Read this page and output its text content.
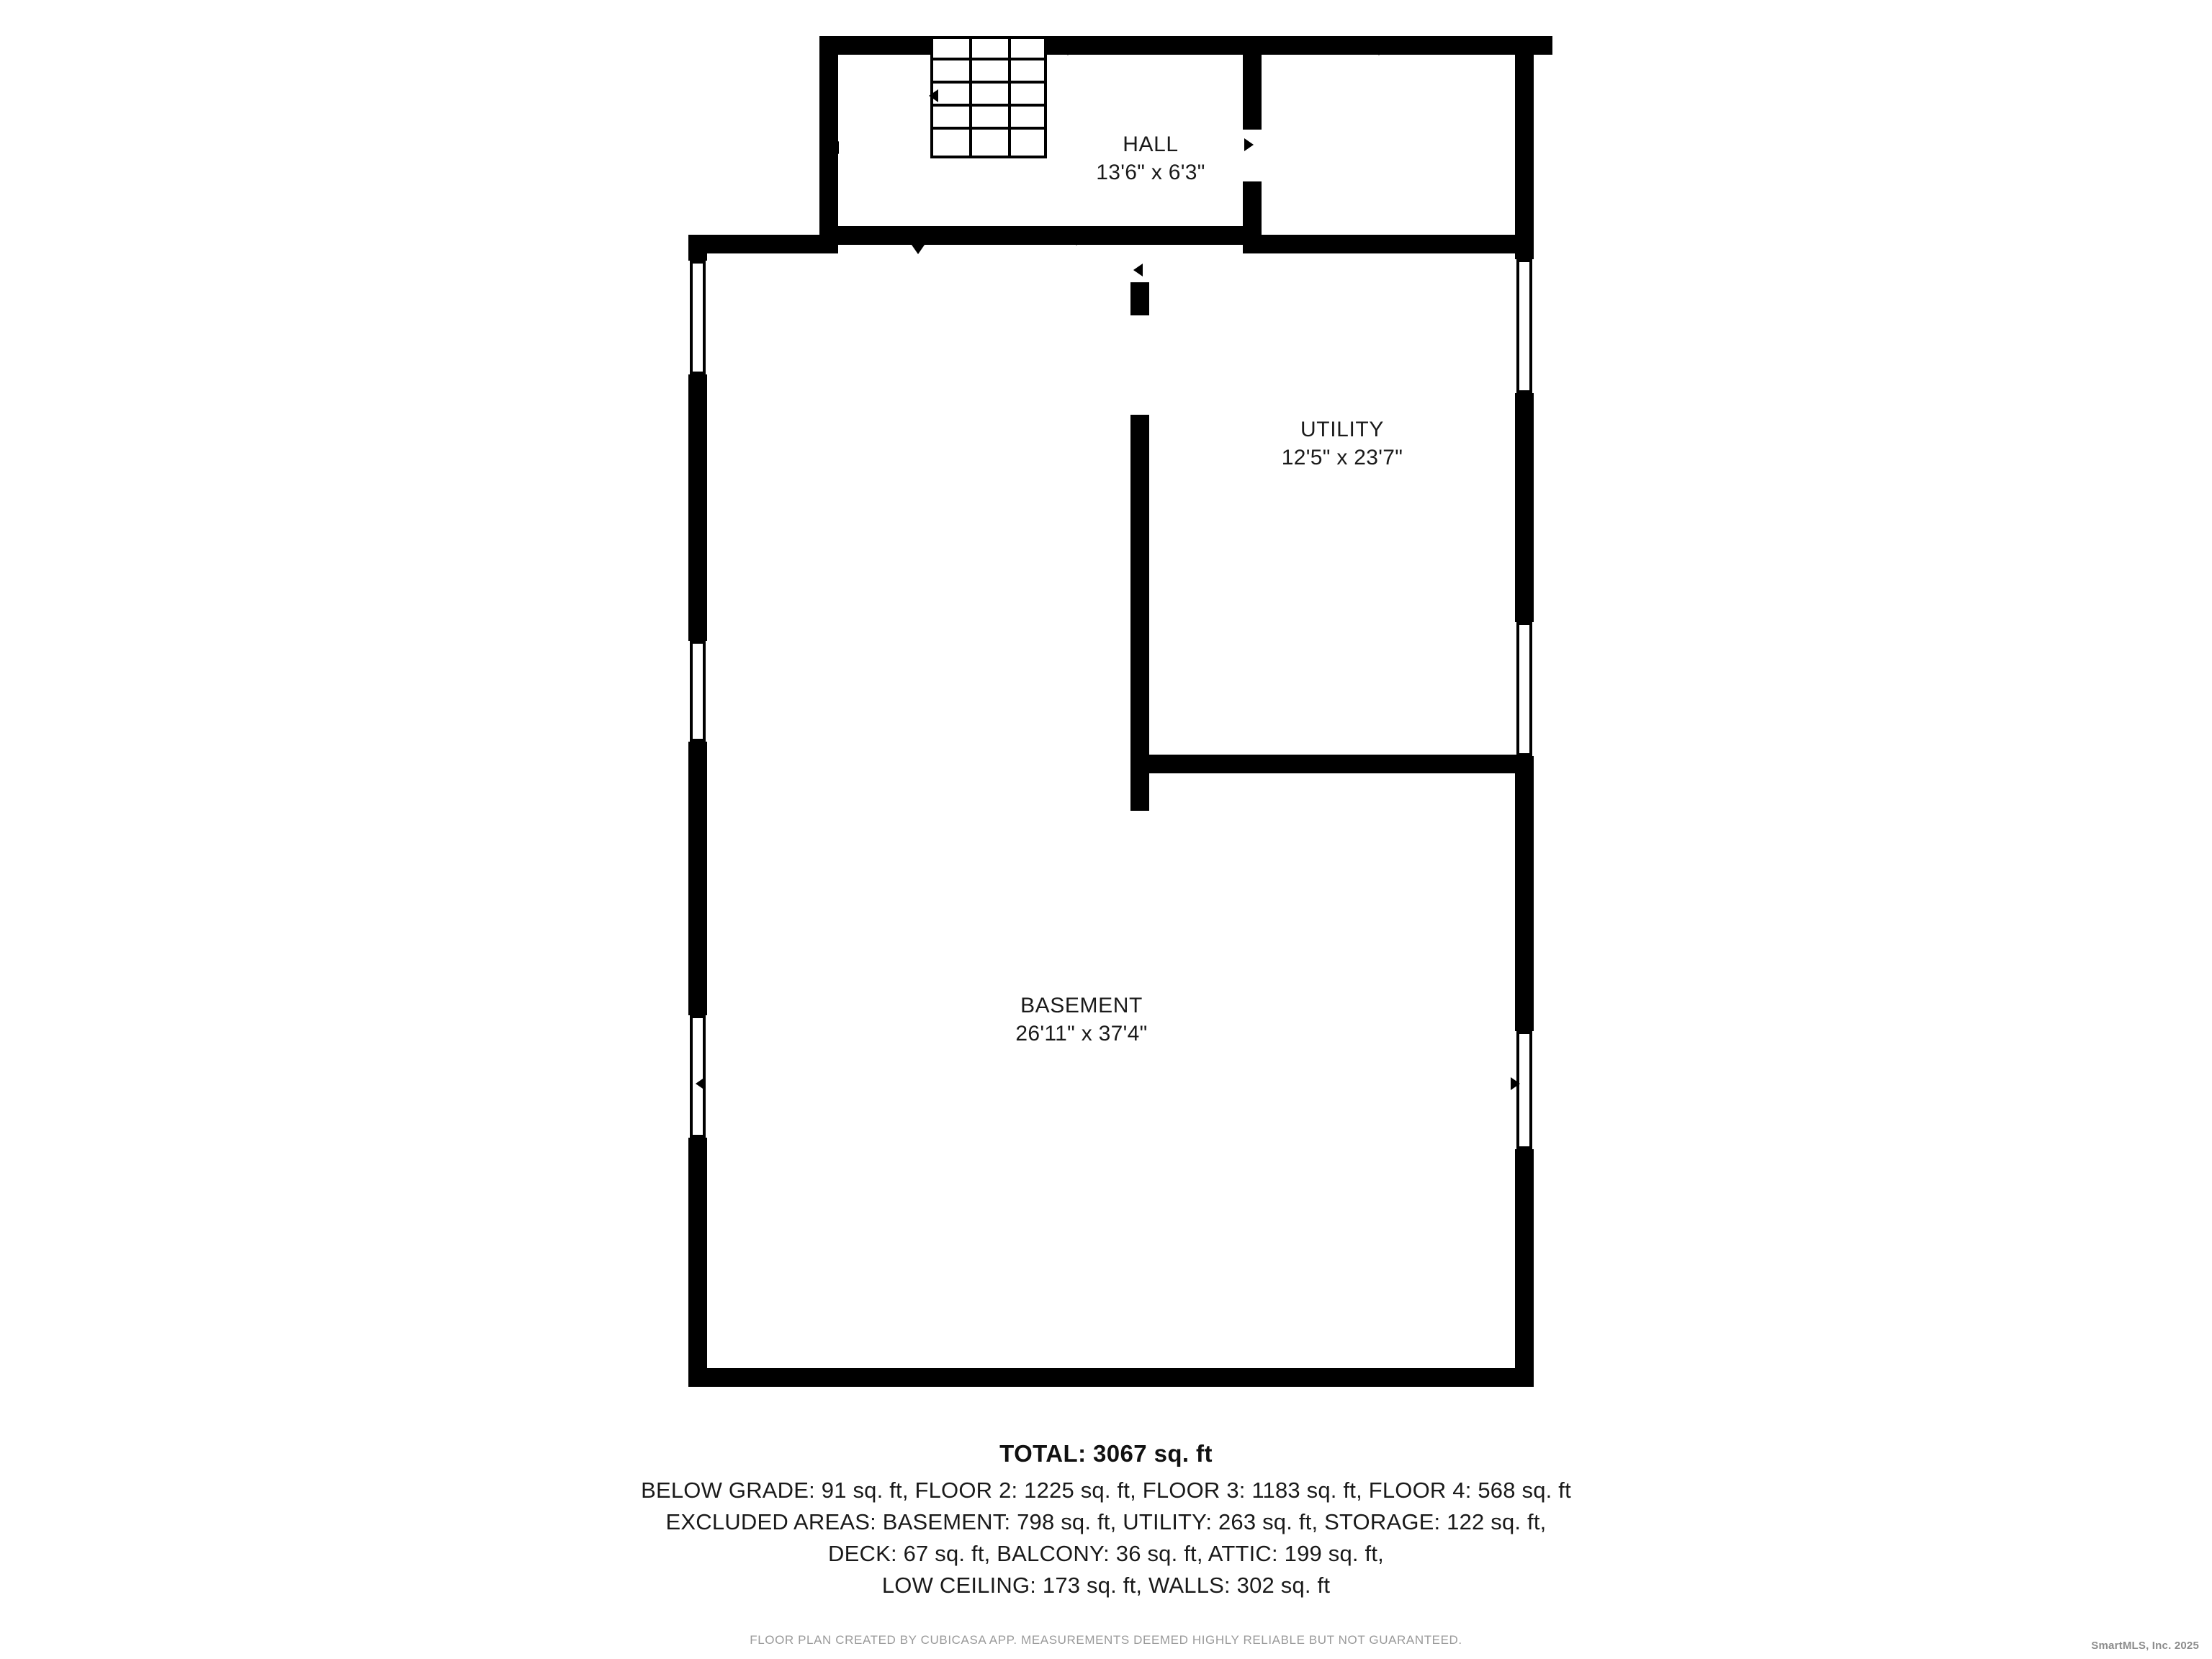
HALL
13'6" x 6'3"
UTILITY
12'5" x 23'7"
BASEMENT
26'11" x 37'4"
TOTAL: 3067 sq. ft
BELOW GRADE: 91 sq. ft, FLOOR 2: 1225 sq. ft, FLOOR 3: 1183 sq. ft, FLOOR 4: 568 sq. ft
EXCLUDED AREAS: BASEMENT: 798 sq. ft, UTILITY: 263 sq. ft, STORAGE: 122 sq. ft,
DECK: 67 sq. ft, BALCONY: 36 sq. ft, ATTIC: 199 sq. ft,
LOW CEILING: 173 sq. ft, WALLS: 302 sq. ft
FLOOR PLAN CREATED BY CUBICASA APP. MEASUREMENTS DEEMED HIGHLY RELIABLE BUT NOT GUARANTEED.	SmartMLS, Inc. 2025
